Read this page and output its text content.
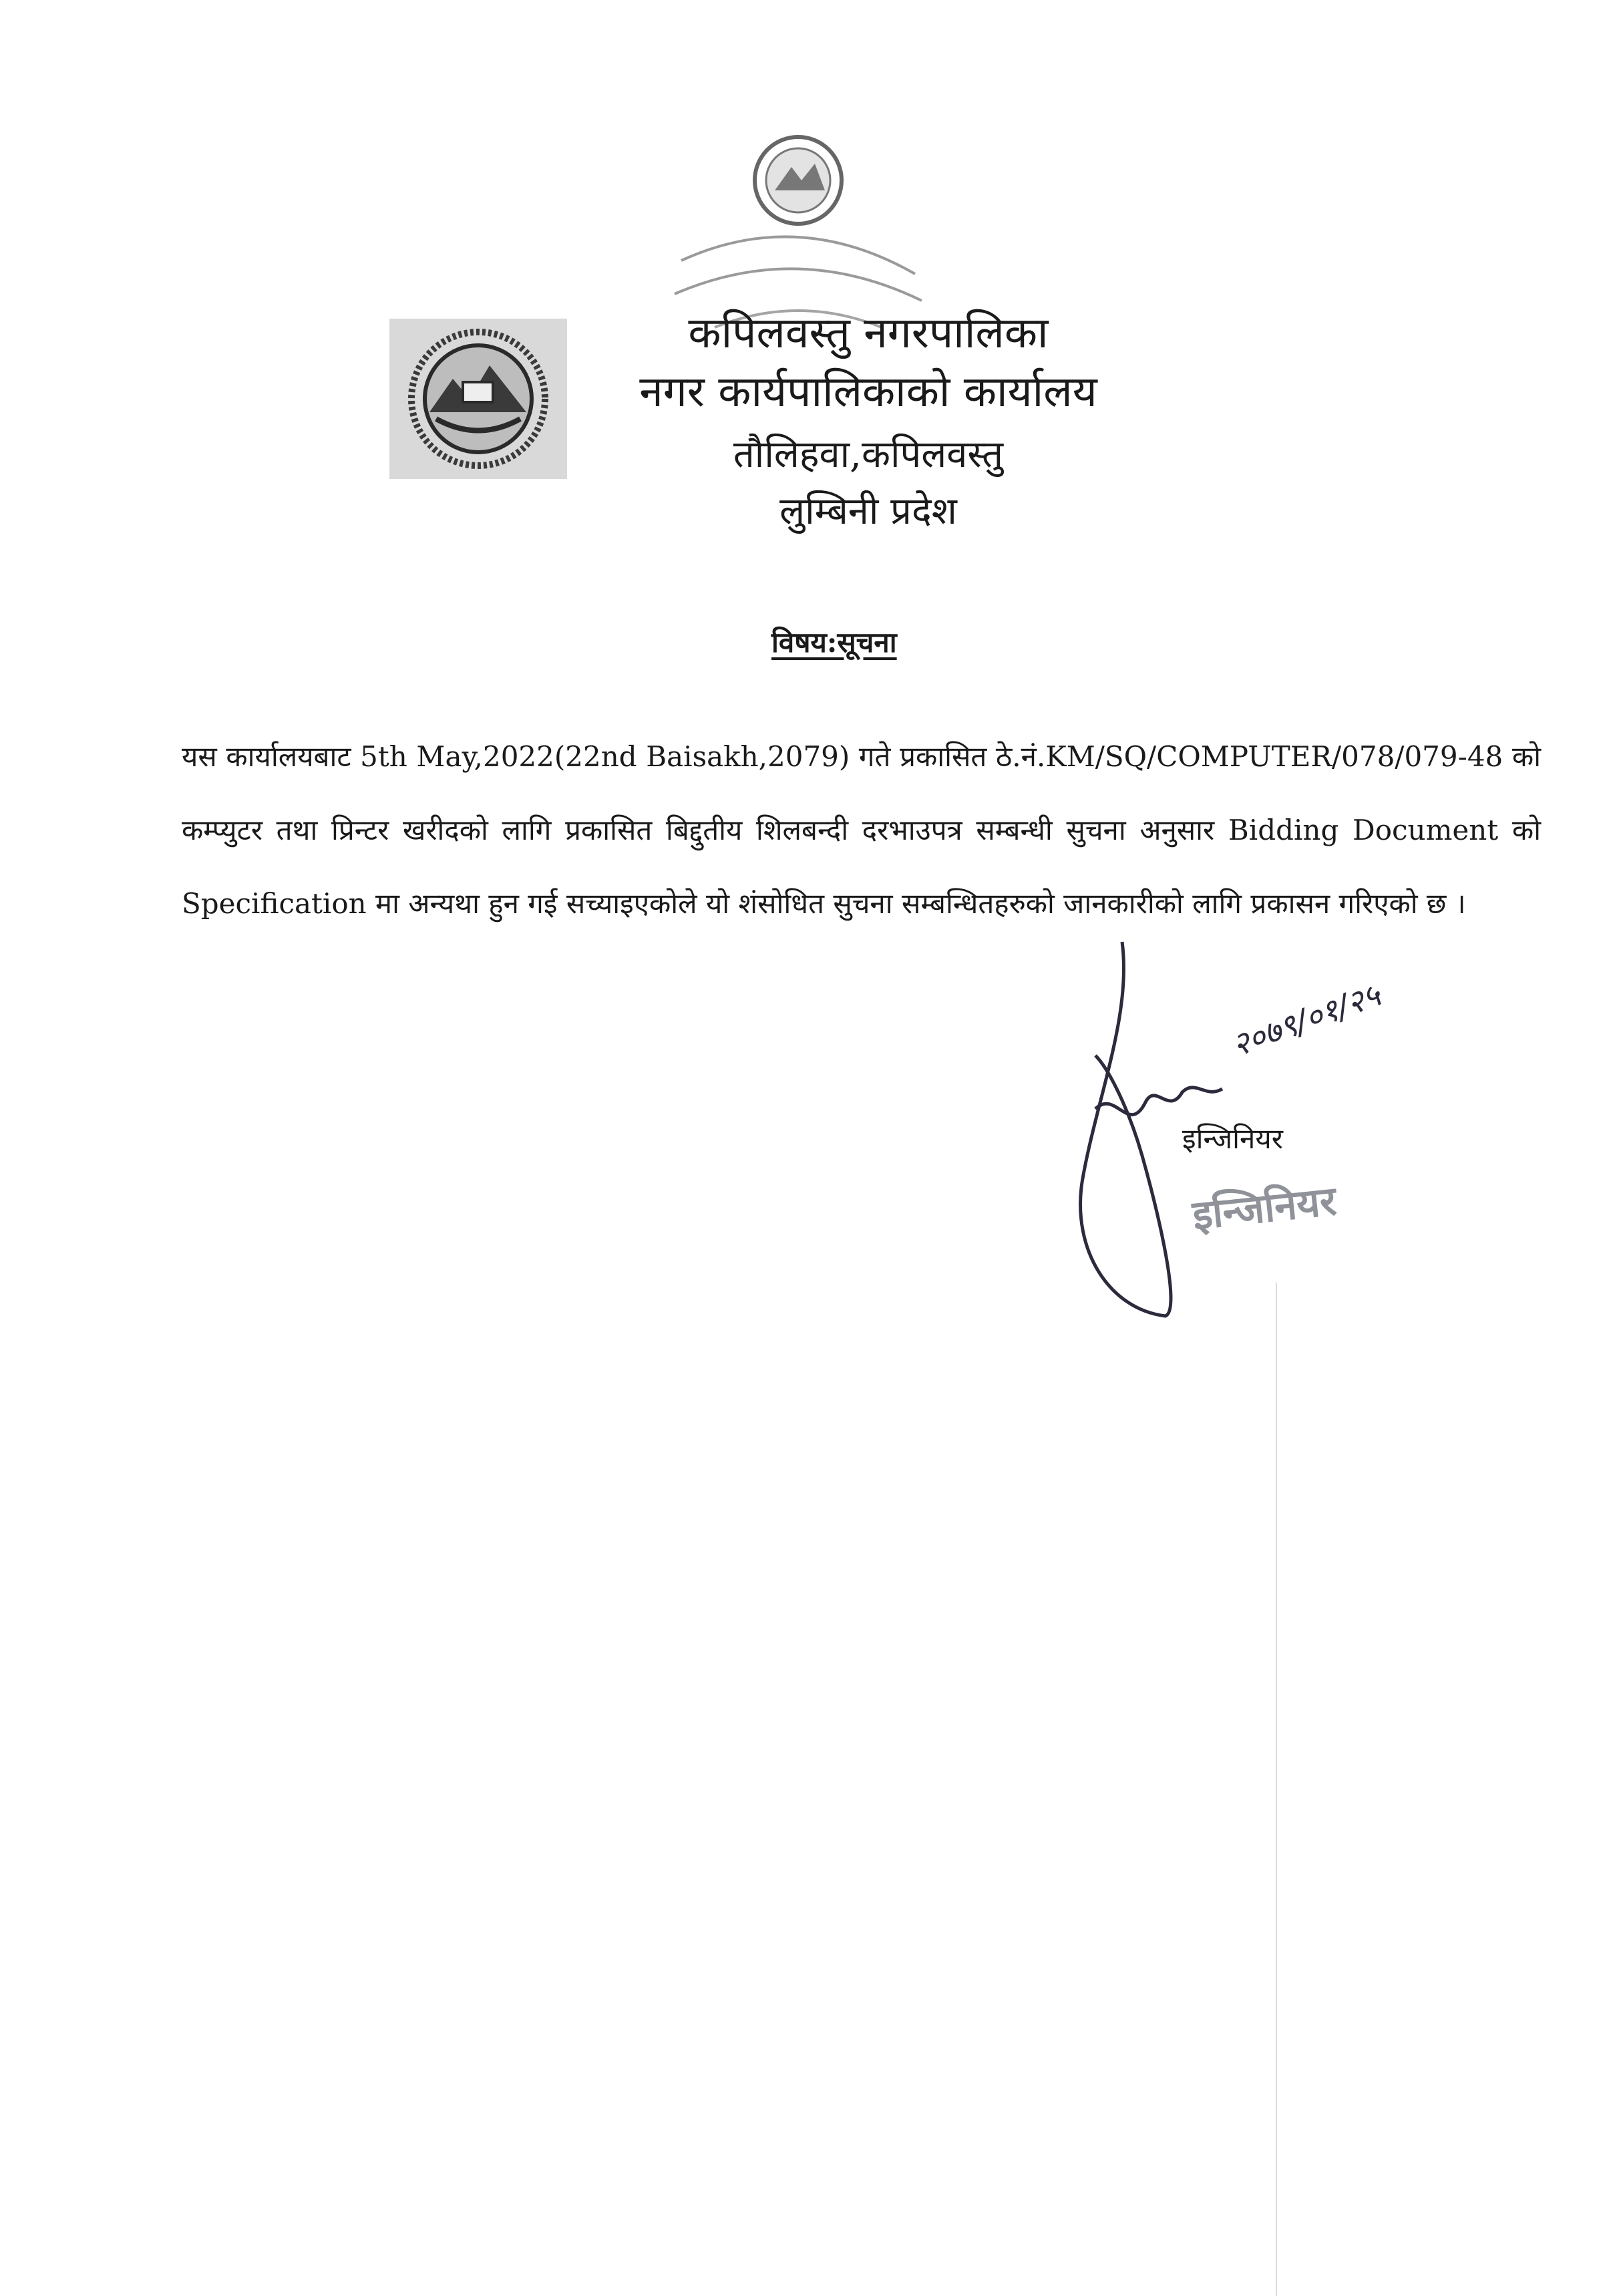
कपिलवस्तु नगरपालिका
नगर कार्यपालिकाको कार्यालय
तौलिहवा,कपिलवस्तु
लुम्बिनी प्रदेश
विषय:सूचना
यस कार्यालयबाट 5th May,2022(22nd Baisakh,2079) गते प्रकासित ठे.नं.KM/SQ/COMPUTER/078/079-48 को कम्प्युटर तथा प्रिन्टर खरीदको लागि प्रकासित बिद्दुतीय शिलबन्दी दरभाउपत्र सम्बन्धी सुचना अनुसार Bidding Document को Specification मा अन्यथा हुन गई सच्याइएकोले यो शंसोधित सुचना सम्बन्धितहरुको जानकारीको लागि प्रकासन गरिएको छ ।
२०७९/०१/२५
इन्जिनियर
इन्जिनियर
